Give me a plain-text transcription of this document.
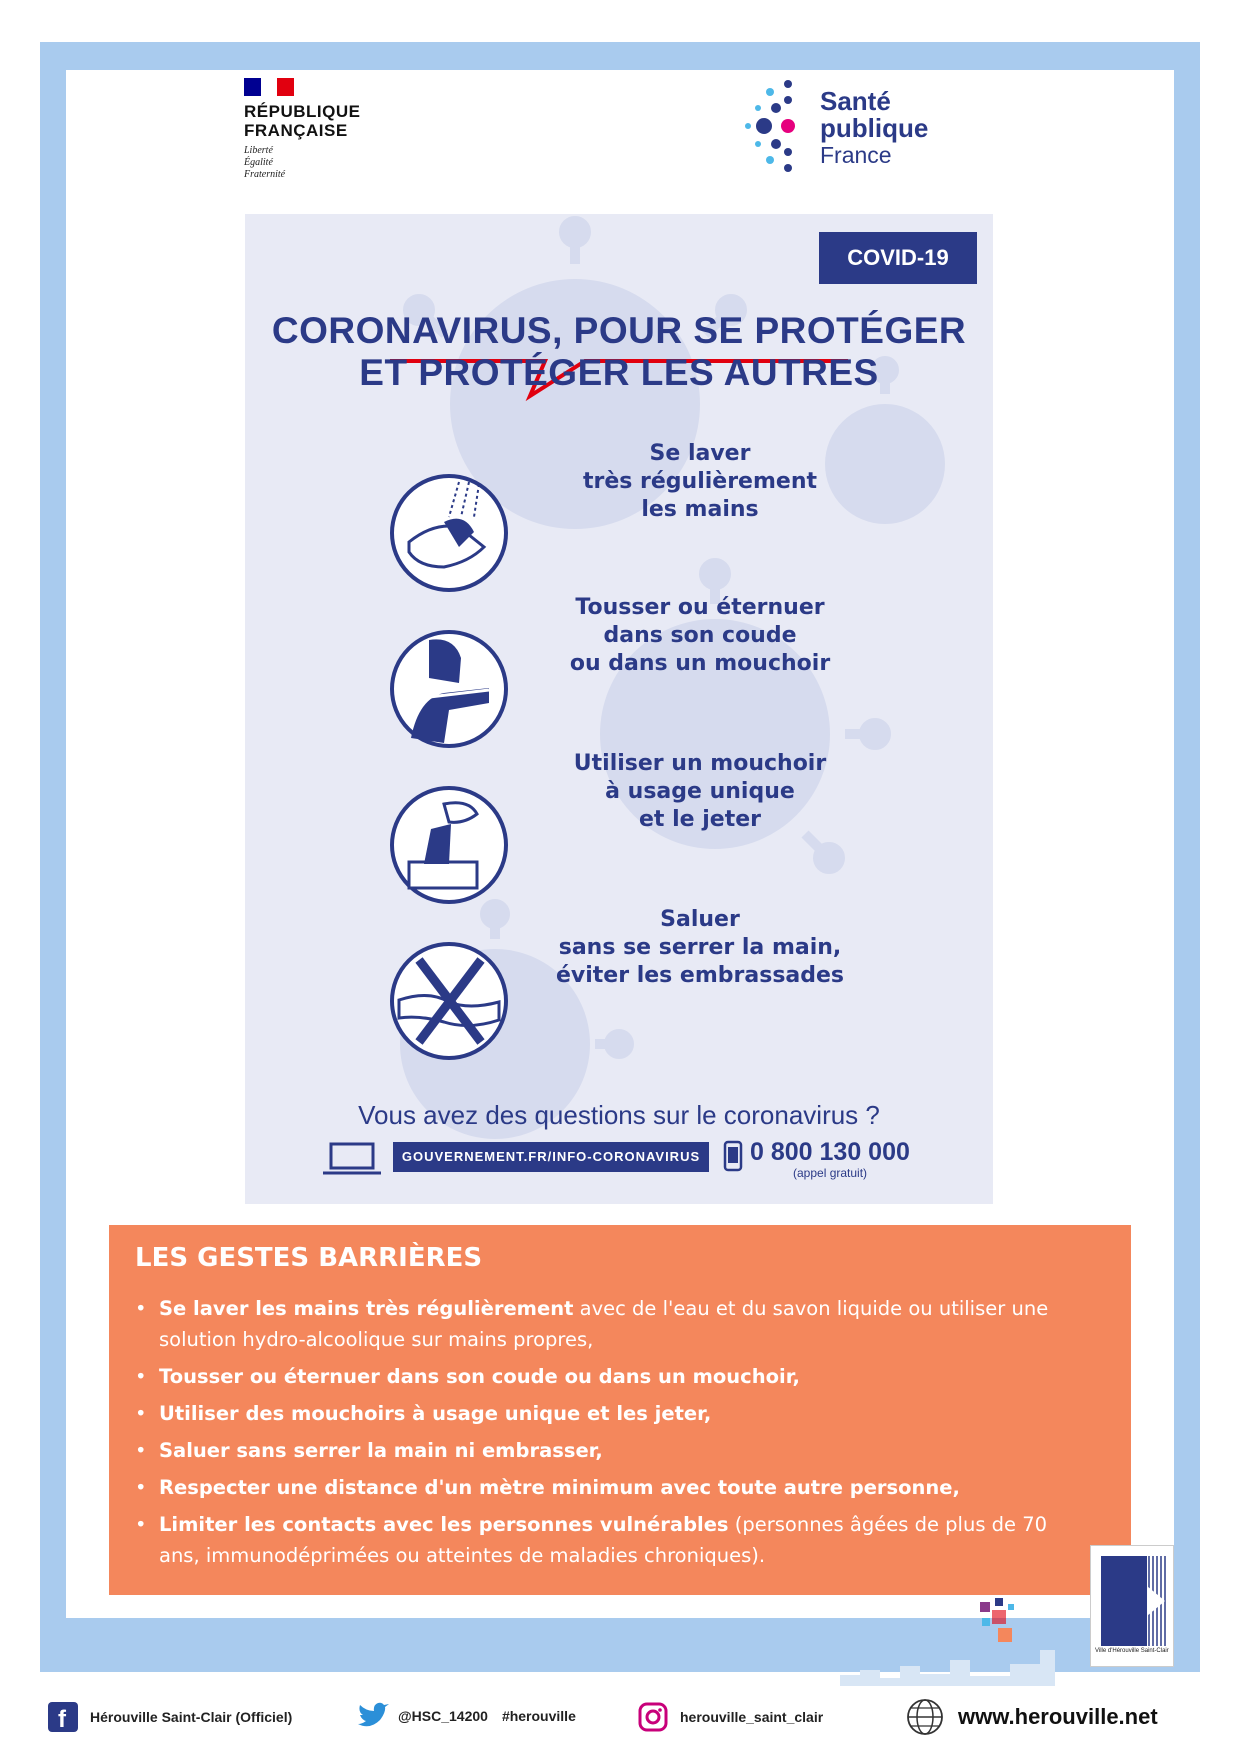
RÉPUBLIQUE
FRANÇAISE
Liberté
Égalité
Fraternité
Santé
publique
France
COVID-19
CORONAVIRUS, POUR SE PROTÉGER
ET PROTÉGER LES AUTRES
Se laver
très régulièrement
les mains
Tousser ou éternuer
dans son coude
ou dans un mouchoir
Utiliser un mouchoir
à usage unique
et le jeter
Saluer
sans se serrer la main,
éviter les embrassades
Vous avez des questions sur le coronavirus ?
GOUVERNEMENT.FR/INFO-CORONAVIRUS	0 800 130 000
(appel gratuit)
LES GESTES BARRIÈRES
• Se laver les mains très régulièrement avec de l'eau et du savon liquide ou utiliser une solution hydro-alcoolique sur mains propres,
• Tousser ou éternuer dans son coude ou dans un mouchoir,
• Utiliser des mouchoirs à usage unique et les jeter,
• Saluer sans serrer la main ni embrasser,
• Respecter une distance d'un mètre minimum avec toute autre personne,
• Limiter les contacts avec les personnes vulnérables (personnes âgées de plus de 70 ans, immunodéprimées ou atteintes de maladies chroniques).
Ville d'Hérouville Saint-Clair
f Hérouville Saint-Clair (Officiel)	@HSC_14200 #herouville	herouville_saint_clair	www.herouville.net
